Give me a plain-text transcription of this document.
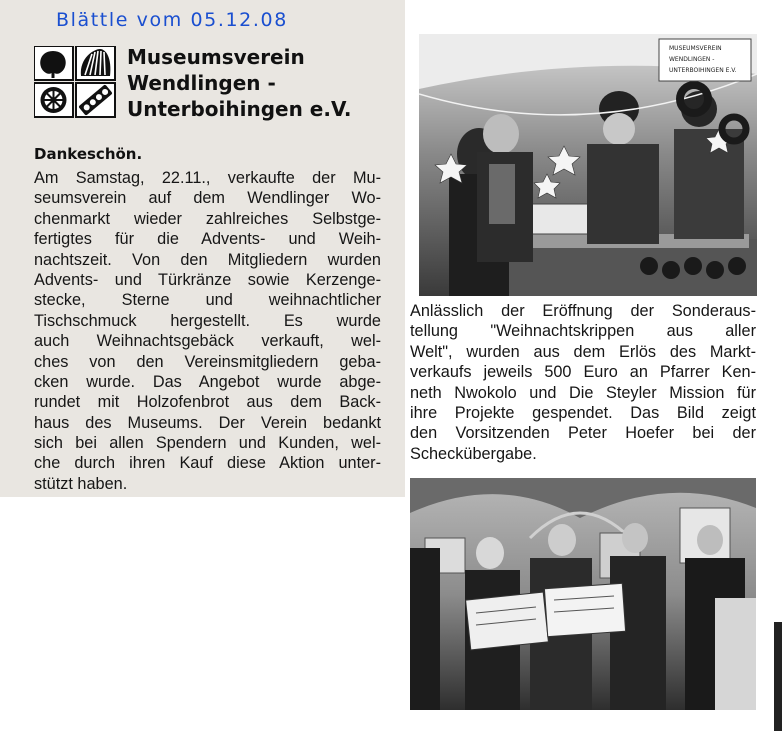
Blättle vom 05.12.08
Museumsverein
Wendlingen -
Unterboihingen e.V.
Dankeschön.
Am Samstag, 22.11., verkaufte der Mu-
seumsverein auf dem Wendlinger Wo-
chenmarkt wieder zahlreiches Selbstge-
fertigtes für die Advents- und Weih-
nachtszeit. Von den Mitgliedern wurden
Advents- und Türkränze sowie Kerzenge-
stecke, Sterne und weihnachtlicher
Tischschmuck hergestellt. Es wurde
auch Weihnachtsgebäck verkauft, wel-
ches von den Vereinsmitgliedern geba-
cken wurde. Das Angebot wurde abge-
rundet mit Holzofenbrot aus dem Back-
haus des Museums. Der Verein bedankt
sich bei allen Spendern und Kunden, wel-
che durch ihren Kauf diese Aktion unter-
stützt haben.
MUSEUMSVEREIN
WENDLINGEN -
UNTERBOIHINGEN E.V.
Anlässlich der Eröffnung der Sonderaus-
tellung "Weihnachtskrippen aus aller
Welt", wurden aus dem Erlös des Markt-
verkaufs jeweils 500 Euro an Pfarrer Ken-
neth Nwokolo und Die Steyler Mission für
ihre Projekte gespendet. Das Bild zeigt
den Vorsitzenden Peter Hoefer bei der
Scheckübergabe.
